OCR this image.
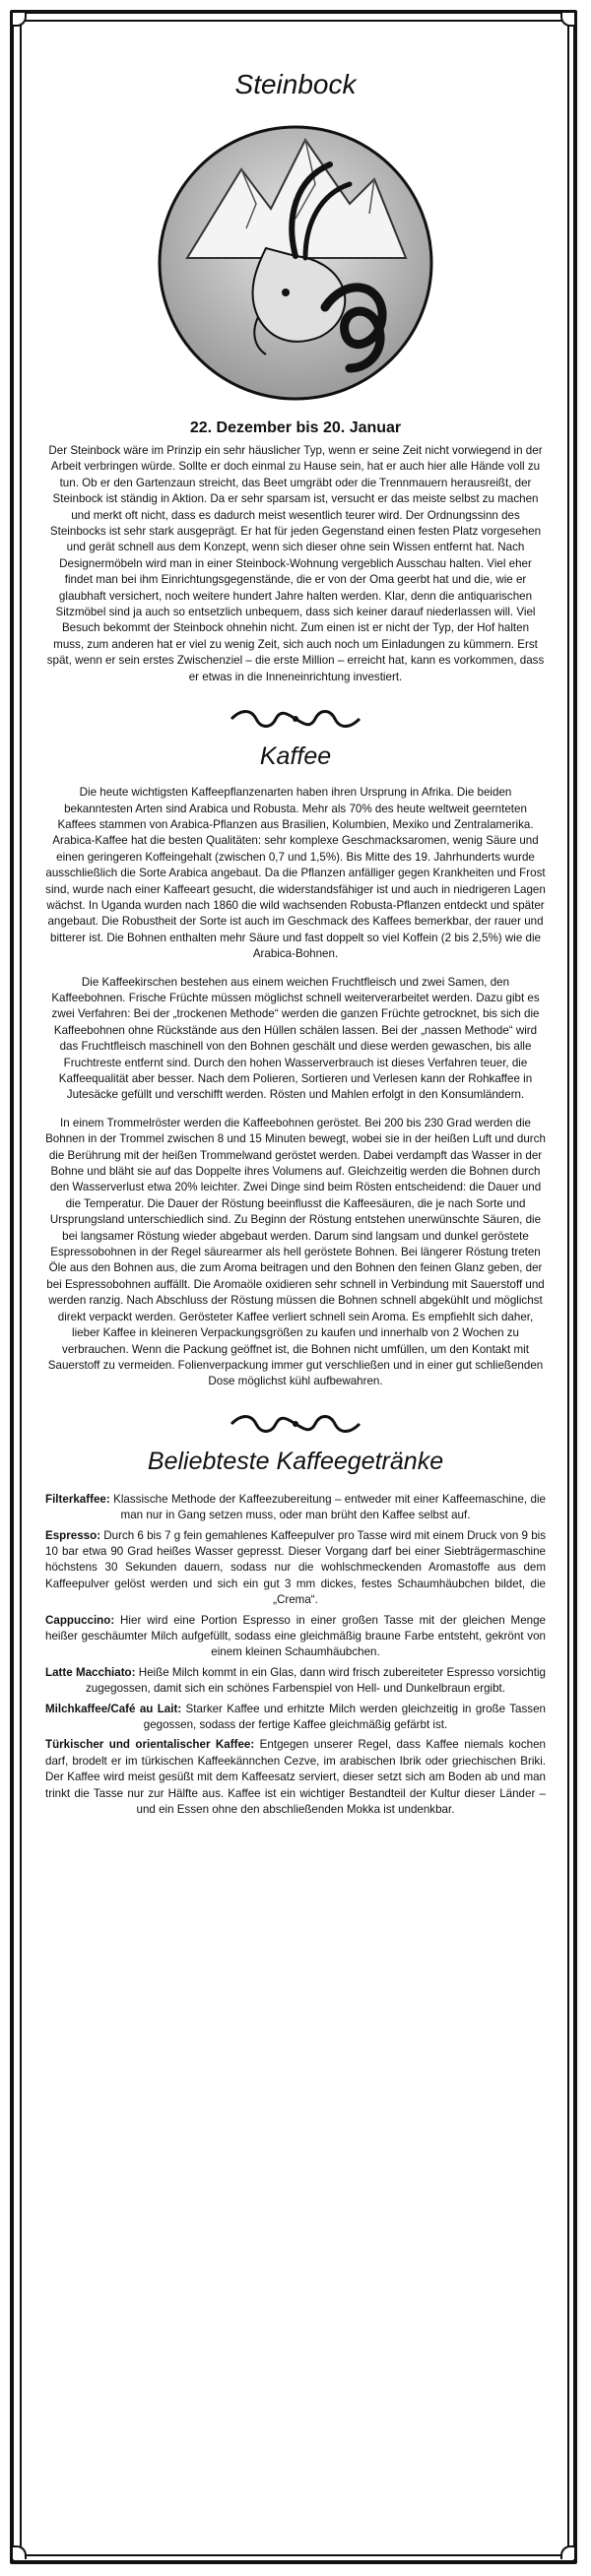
Steinbock
22. Dezember bis 20. Januar

Der Steinbock wäre im Prinzip ein sehr häuslicher Typ, wenn er seine Zeit nicht vorwiegend in der Arbeit verbringen würde. Sollte er doch einmal zu Hause sein, hat er auch hier alle Hände voll zu tun. Ob er den Gartenzaun streicht, das Beet umgräbt oder die Trennmauern herausreißt, der Steinbock ist ständig in Aktion. Da er sehr sparsam ist, versucht er das meiste selbst zu machen und merkt oft nicht, dass es dadurch meist wesentlich teurer wird. Der Ordnungssinn des Steinbocks ist sehr stark ausgeprägt. Er hat für jeden Gegenstand einen festen Platz vorgesehen und gerät schnell aus dem Konzept, wenn sich dieser ohne sein Wissen entfernt hat. Nach Designermöbeln wird man in einer Steinbock-Wohnung vergeblich Ausschau halten. Viel eher findet man bei ihm Einrichtungsgegenstände, die er von der Oma geerbt hat und die, wie er glaubhaft versichert, noch weitere hundert Jahre halten werden. Klar, denn die antiquarischen Sitzmöbel sind ja auch so entsetzlich unbequem, dass sich keiner darauf niederlassen will. Viel Besuch bekommt der Steinbock ohnehin nicht. Zum einen ist er nicht der Typ, der Hof halten muss, zum anderen hat er viel zu wenig Zeit, sich auch noch um Einladungen zu kümmern. Erst spät, wenn er sein erstes Zwischenziel – die erste Million – erreicht hat, kann es vorkommen, dass er etwas in die Inneneinrichtung investiert.

Kaffee

Die heute wichtigsten Kaffeepflanzenarten haben ihren Ursprung in Afrika. Die beiden bekanntesten Arten sind Arabica und Robusta. Mehr als 70% des heute weltweit geernteten Kaffees stammen von Arabica-Pflanzen aus Brasilien, Kolumbien, Mexiko und Zentralamerika. Arabica-Kaffee hat die besten Qualitäten: sehr komplexe Geschmacksaromen, wenig Säure und einen geringeren Koffeingehalt (zwischen 0,7 und 1,5%). Bis Mitte des 19. Jahrhunderts wurde ausschließlich die Sorte Arabica angebaut. Da die Pflanzen anfälliger gegen Krankheiten und Frost sind, wurde nach einer Kaffeeart gesucht, die widerstandsfähiger ist und auch in niedrigeren Lagen wächst. In Uganda wurden nach 1860 die wild wachsenden Robusta-Pflanzen entdeckt und später angebaut. Die Robustheit der Sorte ist auch im Geschmack des Kaffees bemerkbar, der rauer und bitterer ist. Die Bohnen enthalten mehr Säure und fast doppelt so viel Koffein (2 bis 2,5%) wie die Arabica-Bohnen.

Die Kaffeekirschen bestehen aus einem weichen Fruchtfleisch und zwei Samen, den Kaffeebohnen. Frische Früchte müssen möglichst schnell weiterverarbeitet werden. Dazu gibt es zwei Verfahren: Bei der „trockenen Methode“ werden die ganzen Früchte getrocknet, bis sich die Kaffeebohnen ohne Rückstände aus den Hüllen schälen lassen. Bei der „nassen Methode“ wird das Fruchtfleisch maschinell von den Bohnen geschält und diese werden gewaschen, bis alle Fruchtreste entfernt sind. Durch den hohen Wasserverbrauch ist dieses Verfahren teuer, die Kaffeequalität aber besser. Nach dem Polieren, Sortieren und Verlesen kann der Rohkaffee in Jutesäcke gefüllt und verschifft werden. Rösten und Mahlen erfolgt in den Konsumländern.

In einem Trommelröster werden die Kaffeebohnen geröstet. Bei 200 bis 230 Grad werden die Bohnen in der Trommel zwischen 8 und 15 Minuten bewegt, wobei sie in der heißen Luft und durch die Berührung mit der heißen Trommelwand geröstet werden. Dabei verdampft das Wasser in der Bohne und bläht sie auf das Doppelte ihres Volumens auf. Gleichzeitig werden die Bohnen durch den Wasserverlust etwa 20% leichter. Zwei Dinge sind beim Rösten entscheidend: die Dauer und die Temperatur. Die Dauer der Röstung beeinflusst die Kaffeesäuren, die je nach Sorte und Ursprungsland unterschiedlich sind. Zu Beginn der Röstung entstehen unerwünschte Säuren, die bei langsamer Röstung wieder abgebaut werden. Darum sind langsam und dunkel geröstete Espressobohnen in der Regel säurearmer als hell geröstete Bohnen. Bei längerer Röstung treten Öle aus den Bohnen aus, die zum Aroma beitragen und den Bohnen den feinen Glanz geben, der bei Espressobohnen auffällt. Die Aromaöle oxidieren sehr schnell in Verbindung mit Sauerstoff und werden ranzig. Nach Abschluss der Röstung müssen die Bohnen schnell abgekühlt und möglichst direkt verpackt werden. Gerösteter Kaffee verliert schnell sein Aroma. Es empfiehlt sich daher, lieber Kaffee in kleineren Verpackungsgrößen zu kaufen und innerhalb von 2 Wochen zu verbrauchen. Wenn die Packung geöffnet ist, die Bohnen nicht umfüllen, um den Kontakt mit Sauerstoff zu vermeiden. Folienverpackung immer gut verschließen und in einer gut schließenden Dose möglichst kühl aufbewahren.

Beliebteste Kaffeegetränke

Filterkaffee: Klassische Methode der Kaffeezubereitung – entweder mit einer Kaffeemaschine, die man nur in Gang setzen muss, oder man brüht den Kaffee selbst auf.

Espresso: Durch 6 bis 7 g fein gemahlenes Kaffeepulver pro Tasse wird mit einem Druck von 9 bis 10 bar etwa 90 Grad heißes Wasser gepresst. Dieser Vorgang darf bei einer Siebträgermaschine höchstens 30 Sekunden dauern, sodass nur die wohlschmeckenden Aromastoffe aus dem Kaffeepulver gelöst werden und sich ein gut 3 mm dickes, festes Schaumhäubchen bildet, die „Crema“.

Cappuccino: Hier wird eine Portion Espresso in einer großen Tasse mit der gleichen Menge heißer geschäumter Milch aufgefüllt, sodass eine gleichmäßig braune Farbe entsteht, gekrönt von einem kleinen Schaumhäubchen.

Latte Macchiato: Heiße Milch kommt in ein Glas, dann wird frisch zubereiteter Espresso vorsichtig zugegossen, damit sich ein schönes Farbenspiel von Hell- und Dunkelbraun ergibt.

Milchkaffee/Café au Lait: Starker Kaffee und erhitzte Milch werden gleichzeitig in große Tassen gegossen, sodass der fertige Kaffee gleichmäßig gefärbt ist.

Türkischer und orientalischer Kaffee: Entgegen unserer Regel, dass Kaffee niemals kochen darf, brodelt er im türkischen Kaffeekännchen Cezve, im arabischen Ibrik oder griechischen Briki. Der Kaffee wird meist gesüßt mit dem Kaffeesatz serviert, dieser setzt sich am Boden ab und man trinkt die Tasse nur zur Hälfte aus. Kaffee ist ein wichtiger Bestandteil der Kultur dieser Länder – und ein Essen ohne den abschließenden Mokka ist undenkbar.
